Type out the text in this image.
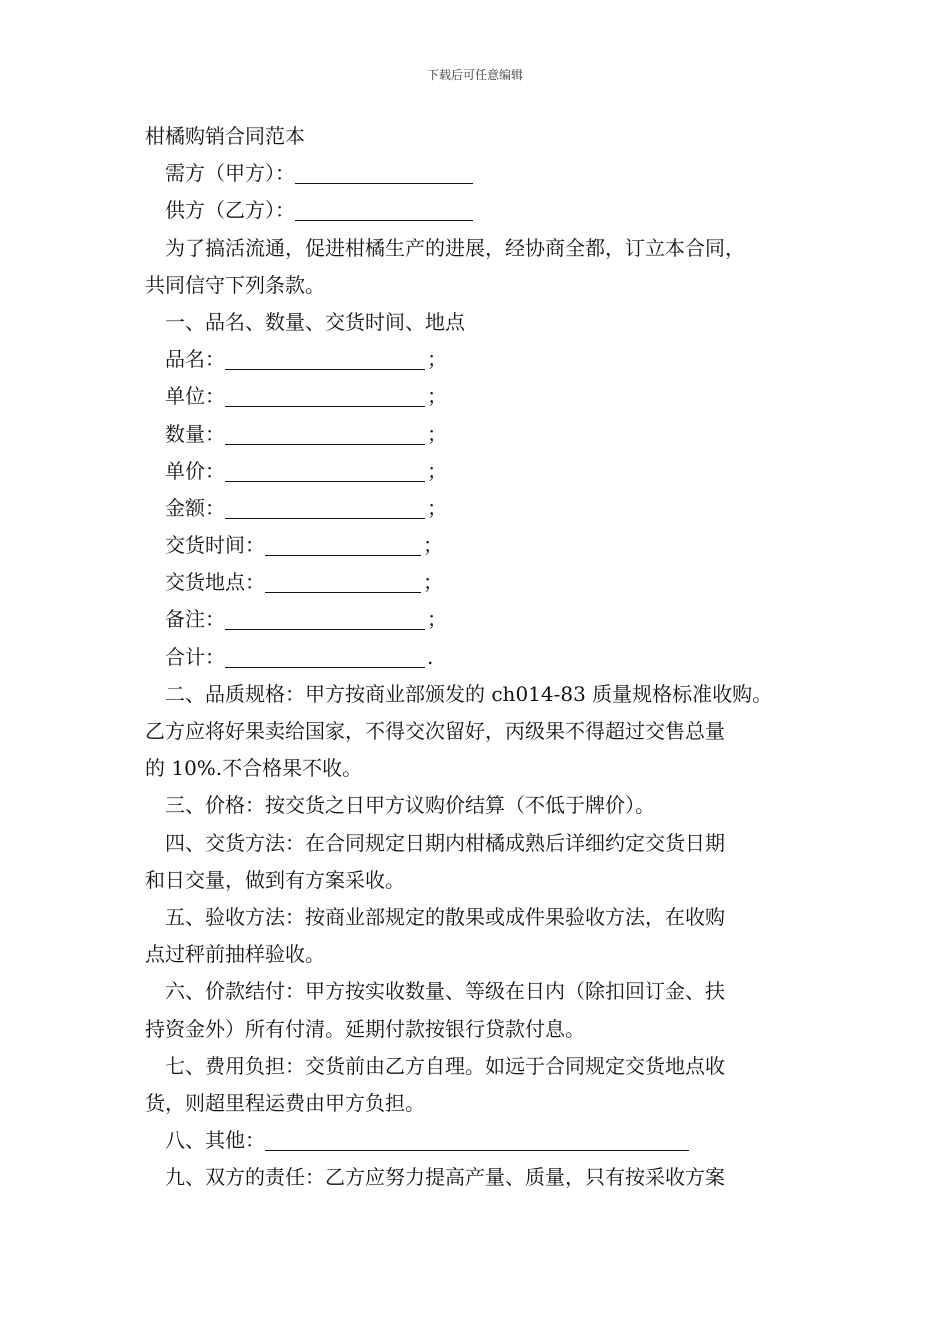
下载后可任意编辑
柑橘购销合同范本
需方（甲方）：
供方（乙方）：
为了搞活流通，促进柑橘生产的进展，经协商全都，订立本合同，
共同信守下列条款。
一、品名、数量、交货时间、地点
品名：	；
单位：	；
数量：	；
单价：	；
金额：	；
交货时间：	；
交货地点：	；
备注：	；
合计：	.
二、品质规格：甲方按商业部颁发的 ch014-83 质量规格标准收购。
乙方应将好果卖给国家，不得交次留好，丙级果不得超过交售总量
的 10%.不合格果不收。
三、价格：按交货之日甲方议购价结算（不低于牌价）。
四、交货方法：在合同规定日期内柑橘成熟后详细约定交货日期
和日交量，做到有方案采收。
五、验收方法：按商业部规定的散果或成件果验收方法，在收购
点过秤前抽样验收。
六、价款结付：甲方按实收数量、等级在日内（除扣回订金、扶
持资金外）所有付清。延期付款按银行贷款付息。
七、费用负担：交货前由乙方自理。如远于合同规定交货地点收
货，则超里程运费由甲方负担。
八、其他：
九、双方的责任：乙方应努力提高产量、质量，只有按采收方案
